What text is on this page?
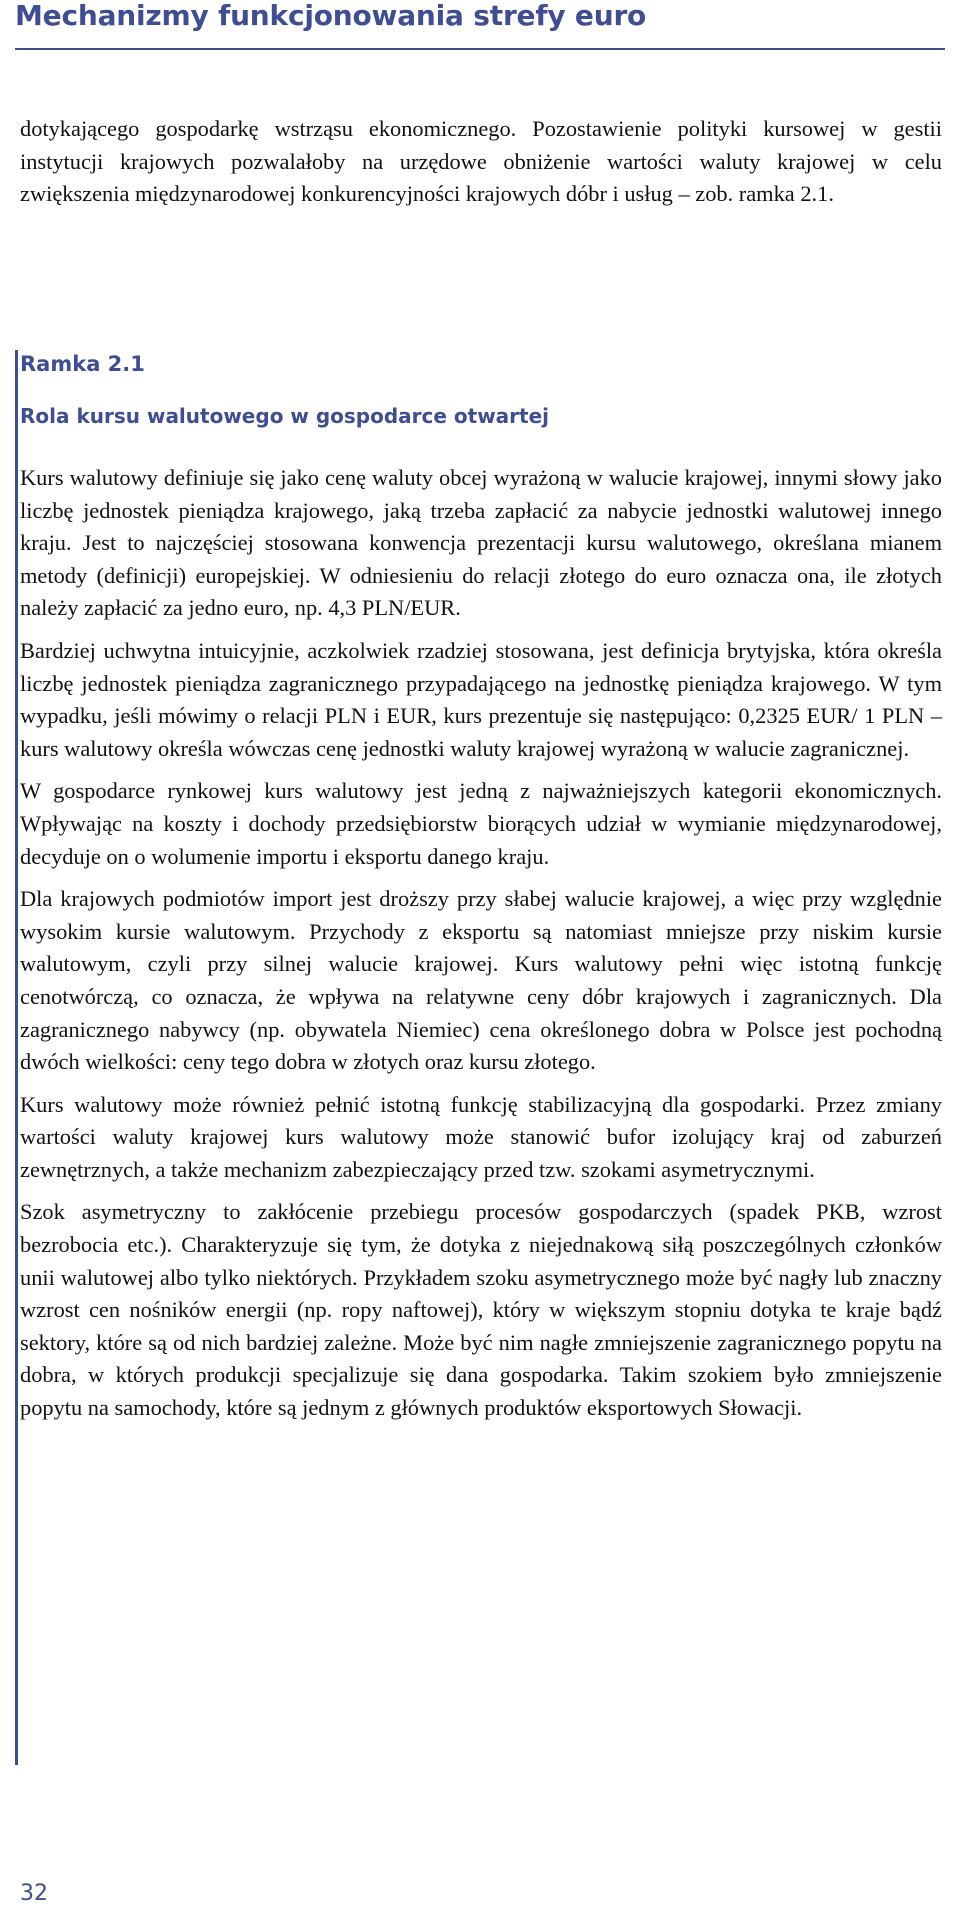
Mechanizmy funkcjonowania strefy euro

dotykającego gospodarkę wstrząsu ekonomicznego. Pozostawienie polityki kursowej w gestii instytucji krajowych pozwalałoby na urzędowe obniżenie wartości waluty krajowej w celu zwiększenia międzynarodowej konkurencyjności krajowych dóbr i usług – zob. ramka 2.1.

Ramka 2.1
Rola kursu walutowego w gospodarce otwartej

Kurs walutowy definiuje się jako cenę waluty obcej wyrażoną w walucie krajowej, innymi słowy jako liczbę jednostek pieniądza krajowego, jaką trzeba zapłacić za nabycie jednostki walutowej innego kraju. Jest to najczęściej stosowana konwencja prezentacji kursu walutowego, określana mianem metody (definicji) europejskiej. W odniesieniu do relacji złotego do euro oznacza ona, ile złotych należy zapłacić za jedno euro, np. 4,3 PLN/EUR.

Bardziej uchwytna intuicyjnie, aczkolwiek rzadziej stosowana, jest definicja brytyjska, która określa liczbę jednostek pieniądza zagranicznego przypadającego na jednostkę pieniądza krajowego. W tym wypadku, jeśli mówimy o relacji PLN i EUR, kurs prezentuje się następująco: 0,2325 EUR/ 1 PLN – kurs walutowy określa wówczas cenę jednostki waluty krajowej wyrażoną w walucie zagranicznej.

W gospodarce rynkowej kurs walutowy jest jedną z najważniejszych kategorii ekonomicznych. Wpływając na koszty i dochody przedsiębiorstw biorących udział w wymianie międzynarodowej, decyduje on o wolumenie importu i eksportu danego kraju.

Dla krajowych podmiotów import jest droższy przy słabej walucie krajowej, a więc przy względnie wysokim kursie walutowym. Przychody z eksportu są natomiast mniejsze przy niskim kursie walutowym, czyli przy silnej walucie krajowej. Kurs walutowy pełni więc istotną funkcję cenotwórczą, co oznacza, że wpływa na relatywne ceny dóbr krajowych i zagranicznych. Dla zagranicznego nabywcy (np. obywatela Niemiec) cena określonego dobra w Polsce jest pochodną dwóch wielkości: ceny tego dobra w złotych oraz kursu złotego.

Kurs walutowy może również pełnić istotną funkcję stabilizacyjną dla gospodarki. Przez zmiany wartości waluty krajowej kurs walutowy może stanowić bufor izolujący kraj od zaburzeń zewnętrznych, a także mechanizm zabezpieczający przed tzw. szokami asymetrycznymi.

Szok asymetryczny to zakłócenie przebiegu procesów gospodarczych (spadek PKB, wzrost bezrobocia etc.). Charakteryzuje się tym, że dotyka z niejednakową siłą poszczególnych członków unii walutowej albo tylko niektórych. Przykładem szoku asymetrycznego może być nagły lub znaczny wzrost cen nośników energii (np. ropy naftowej), który w większym stopniu dotyka te kraje bądź sektory, które są od nich bardziej zależne. Może być nim nagłe zmniejszenie zagranicznego popytu na dobra, w których produkcji specjalizuje się dana gospodarka. Takim szokiem było zmniejszenie popytu na samochody, które są jednym z głównych produktów eksportowych Słowacji.

32
